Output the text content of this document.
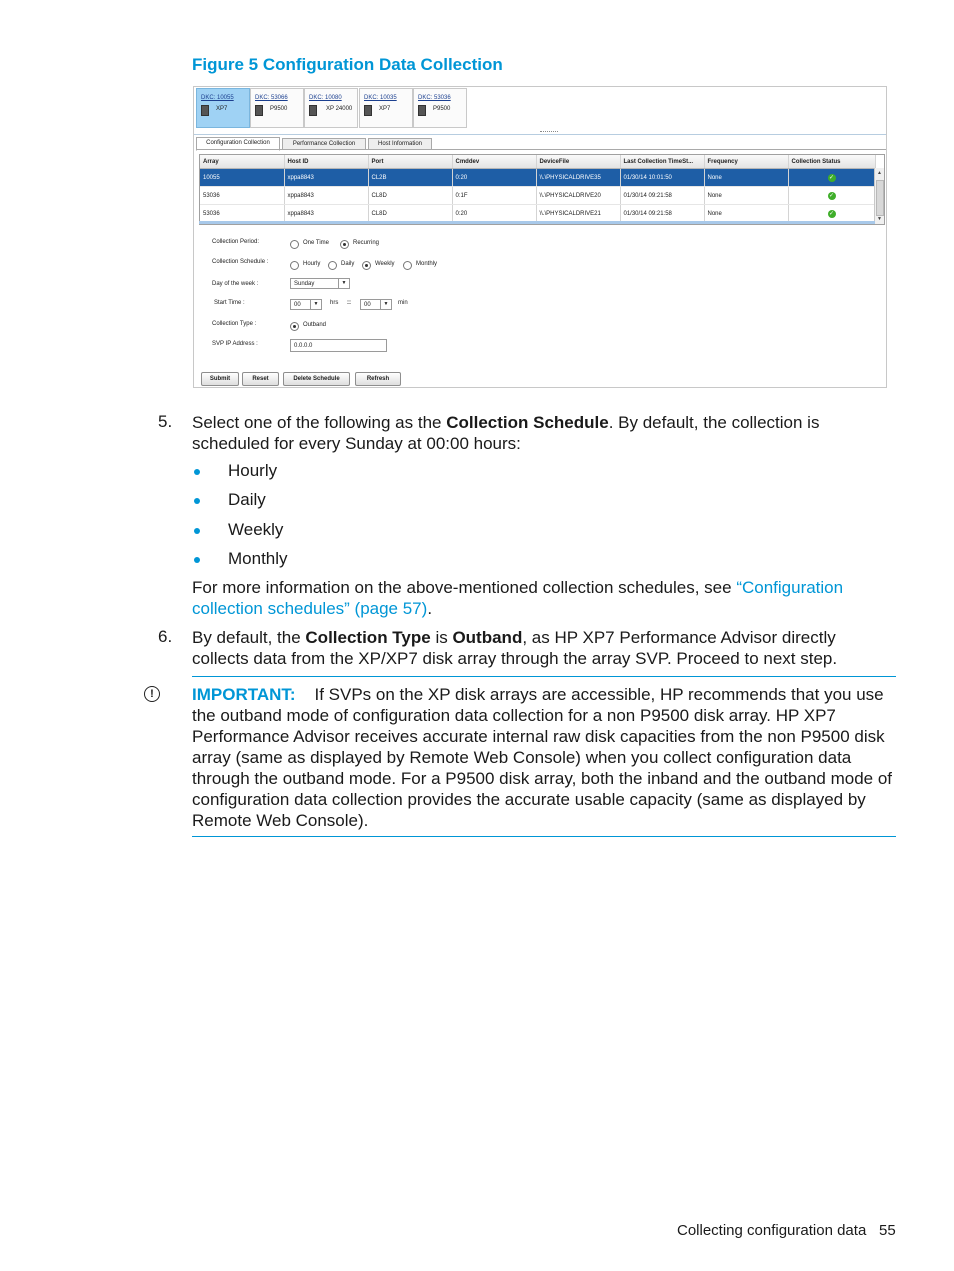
Figure 5 Configuration Data Collection
DKC: 10055
XP7
DKC: 53066
P9500
DKC: 10080
XP 24000
DKC: 10035
XP7
DKC: 53036
P9500
Configuration Collection	Performance Collection	Host Information
Array	Host ID	Port	Cmddev	DeviceFile	Last Collection TimeSt...	Frequency	Collection Status
10055	xppa8843	CL2B	0:20	\\.\PHYSICALDRIVE35	01/30/14 10:01:50	None	✓
53036	xppa8843	CL8D	0:1F	\\.\PHYSICALDRIVE20	01/30/14 09:21:58	None	✓
53036	xppa8843	CL8D	0:20	\\.\PHYSICALDRIVE21	01/30/14 09:21:58	None	✓
▲
▼
Collection Period:	One Time	Recurring
Collection Schedule :	Hourly	Daily	Weekly	Monthly
Day of the week :	Sunday	▼
Start Time :	00	▼	hrs ::	00	▼	min
Collection Type :	Outband
SVP IP Address :	0.0.0.0
Submit	Reset	Delete Schedule	Refresh
5. Select one of the following as the Collection Schedule. By default, the collection is scheduled for every Sunday at 00:00 hours:
Hourly
Daily
Weekly
Monthly
For more information on the above-mentioned collection schedules, see “Configuration collection schedules” (page 57).
6. By default, the Collection Type is Outband, as HP XP7 Performance Advisor directly collects data from the XP/XP7 disk array through the array SVP. Proceed to next step.
!	IMPORTANT: If SVPs on the XP disk arrays are accessible, HP recommends that you use the outband mode of configuration data collection for a non P9500 disk array. HP XP7 Performance Advisor receives accurate internal raw disk capacities from the non P9500 disk array (same as displayed by Remote Web Console) when you collect configuration data through the outband mode. For a P9500 disk array, both the inband and the outband mode of configuration data collection provides the accurate usable capacity (same as displayed by Remote Web Console).
Collecting configuration data 55
